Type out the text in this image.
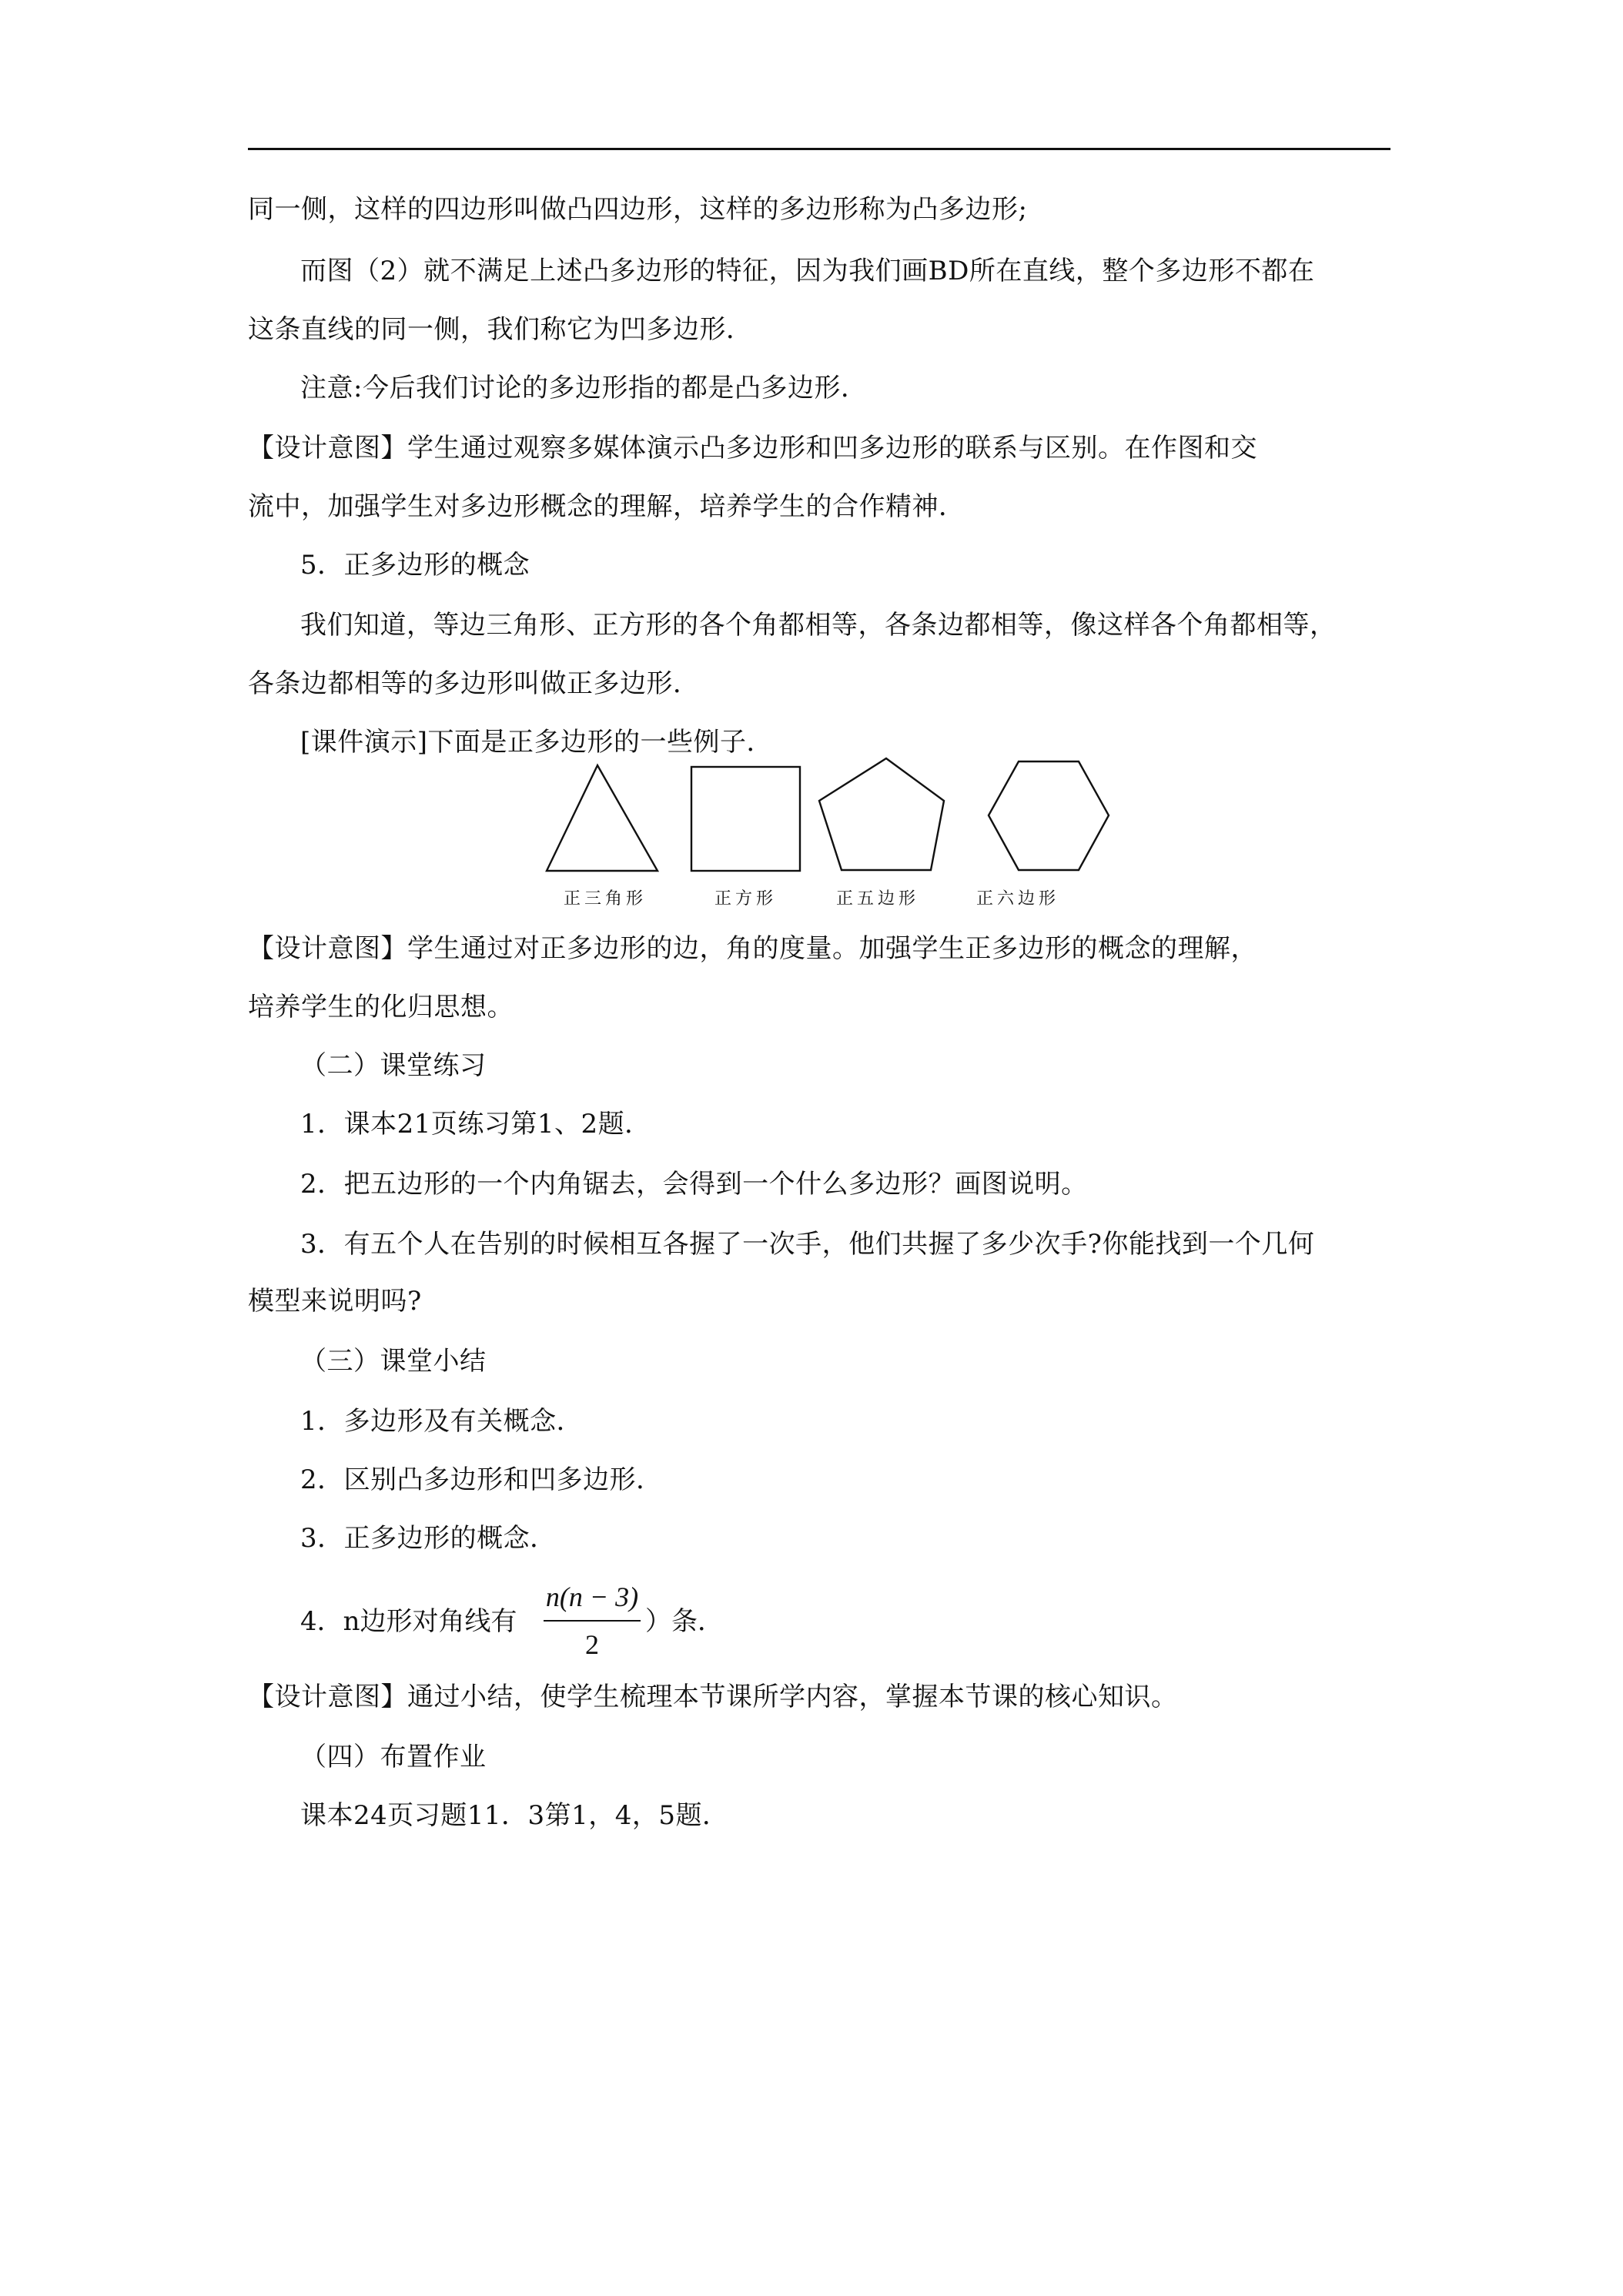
同一侧，这样的四边形叫做凸四边形，这样的多边形称为凸多边形;

而图（2）就不满足上述凸多边形的特征，因为我们画BD所在直线，整个多边形不都在

这条直线的同一侧，我们称它为凹多边形．

注意:今后我们讨论的多边形指的都是凸多边形．

【设计意图】学生通过观察多媒体演示凸多边形和凹多边形的联系与区别。在作图和交

流中，加强学生对多边形概念的理解，培养学生的合作精神．

5．正多边形的概念

我们知道，等边三角形、正方形的各个角都相等，各条边都相等，像这样各个角都相等，

各条边都相等的多边形叫做正多边形．

[课件演示]下面是正多边形的一些例子．

正三角形	正方形	正五边形	正六边形

【设计意图】学生通过对正多边形的边，角的度量。加强学生正多边形的概念的理解，

培养学生的化归思想。

（二）课堂练习

1．课本21页练习第1、2题．

2．把五边形的一个内角锯去，会得到一个什么多边形？画图说明。

3．有五个人在告别的时候相互各握了一次手，他们共握了多少次手?你能找到一个几何

模型来说明吗?

（三）课堂小结

1．多边形及有关概念．

2．区别凸多边形和凹多边形．

3．正多边形的概念．

4．n边形对角线有
n(n − 3)
2
）条．

【设计意图】通过小结，使学生梳理本节课所学内容，掌握本节课的核心知识。

（四）布置作业

课本24页习题11．3第1，4，5题．
